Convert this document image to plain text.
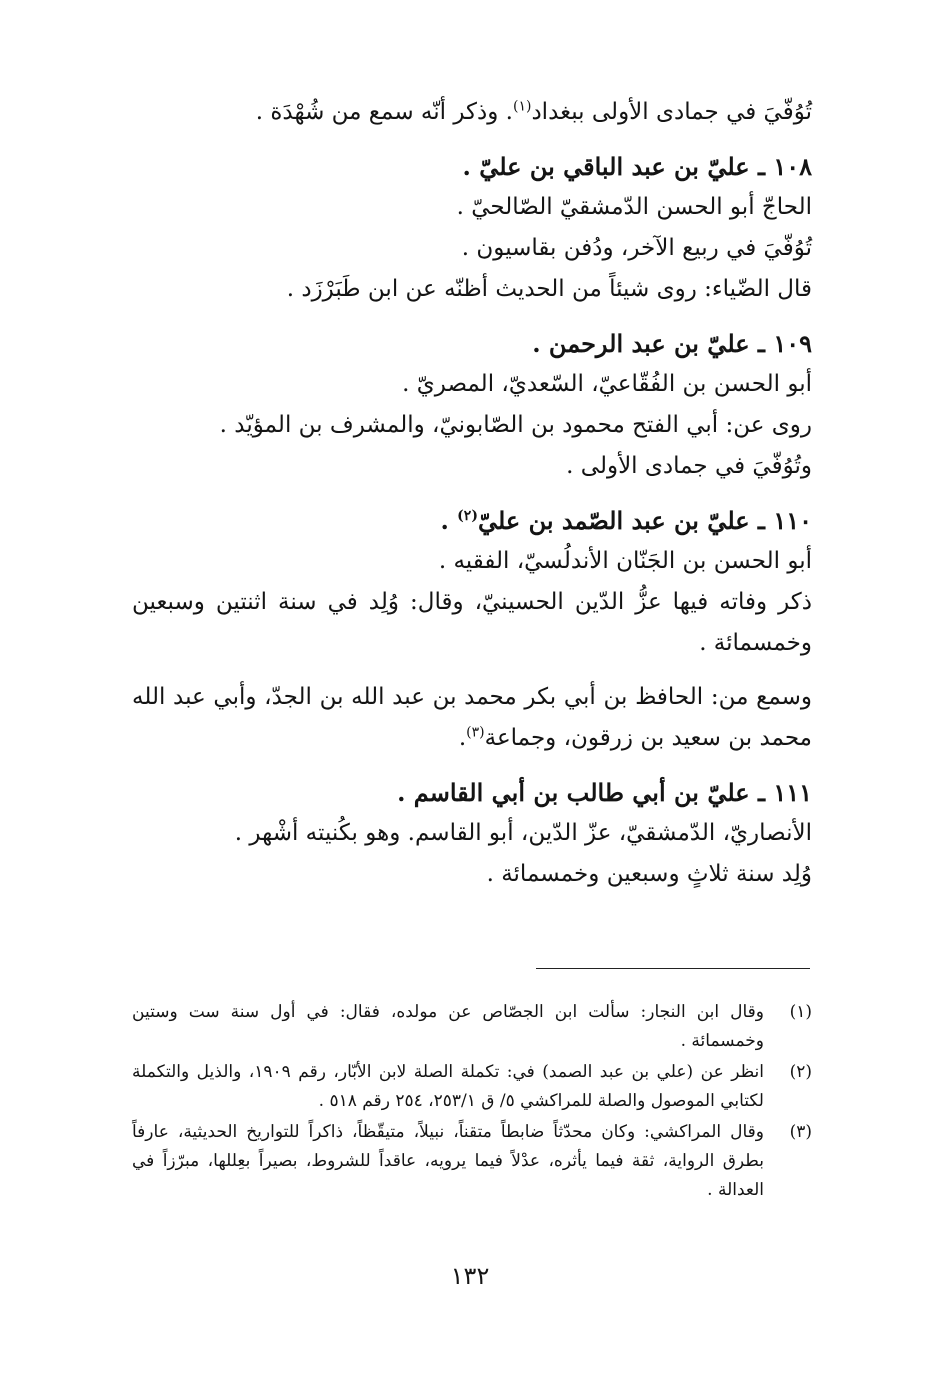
تُوُفّيَ في جمادى الأولى ببغداد$^{(١)}$. وذكر أنّه سمع من شُهْدَة .

١٠٨ ـ عليّ بن عبد الباقي بن عليّ .

الحاجّ أبو الحسن الدّمشقيّ الصّالحيّ .

تُوُفّيَ في ربيع الآخر، ودُفن بقاسيون .

قال الضّياء: روى شيئاً من الحديث أظنّه عن ابن طَبَرْزَد .

١٠٩ ـ عليّ بن عبد الرحمن .

أبو الحسن بن الفُقّاعيّ، السّعديّ، المصريّ .

روى عن: أبي الفتح محمود بن الصّابونيّ، والمشرف بن المؤيّد .

وتُوُفّيَ في جمادى الأولى .

١١٠ ـ عليّ بن عبد الصّمد بن عليّ$^{(٢)}$ .

أبو الحسن بن الجَنّان الأندلُسيّ، الفقيه .

ذكر وفاته فيها عزُّ الدّين الحسينيّ، وقال: وُلِد في سنة اثنتين وسبعين وخمسمائة .

وسمع من: الحافظ بن أبي بكر محمد بن عبد الله بن الجدّ، وأبي عبد الله محمد بن سعيد بن زرقون، وجماعة$^{(٣)}$.

١١١ ـ عليّ بن أبي طالب بن أبي القاسم .

الأنصاريّ، الدّمشقيّ، عزّ الدّين، أبو القاسم. وهو بكُنيته أشْهر .

وُلِد سنة ثلاثٍ وسبعين وخمسمائة .

(١)
وقال ابن النجار: سألت ابن الجصّاص عن مولده، فقال: في أول سنة ست وستين وخمسمائة .
(٢)
انظر عن (علي بن عبد الصمد) في: تكملة الصلة لابن الأبّار، رقم ١٩٠٩، والذيل والتكملة لكتابي الموصول والصلة للمراكشي ٥/ ق ٢٥٣/١، ٢٥٤ رقم ٥١٨ .
(٣)
وقال المراكشي: وكان محدّثاً ضابطاً متقناً، نبيلاً، متيقّظاً، ذاكراً للتواريخ الحديثية، عارفاً بطرق الرواية، ثقة فيما يأثره، عدْلاً فيما يرويه، عاقداً للشروط، بصيراً بعِللها، مبرّزاً في العدالة .
١٣٢
